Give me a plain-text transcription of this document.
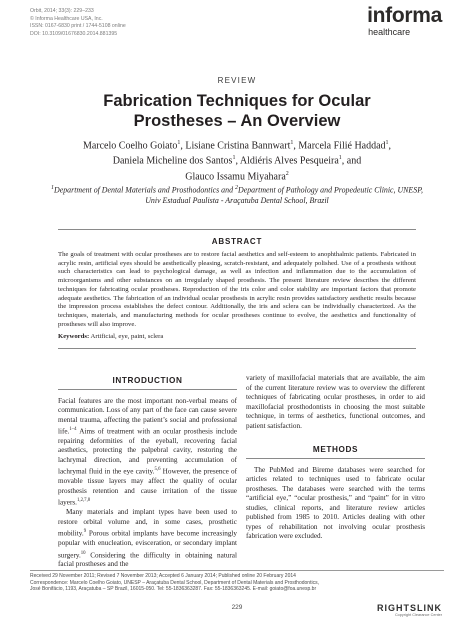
Orbit, 2014; 33(3): 229–233
© Informa Healthcare USA, Inc.
ISSN: 0167-6830 print / 1744-5108 online
DOI: 10.3109/01676830.2014.881395
informa
healthcare
REVIEW
Fabrication Techniques for Ocular
Prostheses – An Overview
Marcelo Coelho Goiato$^1$, Lisiane Cristina Bannwart$^1$, Marcela Filié Haddad$^1$,
Daniela Micheline dos Santos$^1$, Aldiéris Alves Pesqueira$^1$, and
Glauco Issamu Miyahara$^2$
$^1$Department of Dental Materials and Prosthodontics and $^2$Department of Pathology and Propedeutic Clinic, UNESP, Univ Estadual Paulista - Araçatuba Dental School, Brazil
ABSTRACT
The goals of treatment with ocular prostheses are to restore facial aesthetics and self-esteem to anophthalmic patients. Fabricated in acrylic resin, artificial eyes should be aesthetically pleasing, scratch-resistant, and adequately polished. Use of a prosthesis without such characteristics can lead to psychological damage, as well as infection and inflammation due to the accumulation of microorganisms and other substances on an irregularly shaped prosthesis. The present literature review describes the different techniques for fabricating ocular prostheses. Reproduction of the iris color and color stability are important factors that promote adequate aesthetics. The fabrication of an individual ocular prosthesis in acrylic resin provides satisfactory aesthetic results because the impression process establishes the defect contour. Additionally, the iris and sclera can be individually characterized. As the techniques, materials, and manufacturing methods for ocular prostheses continue to evolve, the aesthetics and functionality of prostheses will also improve.
Keywords: Artificial, eye, paint, sclera
INTRODUCTION

Facial features are the most important non-verbal means of communication. Loss of any part of the face can cause severe mental trauma, affecting the patient’s social and professional life.$^{1-4}$ Aims of treatment with an ocular prosthesis include repairing deformities of the eyeball, recovering facial aesthetics, protecting the palpebral cavity, restoring the lachrymal direction, and preventing accumulation of lachrymal fluid in the eye cavity.$^{5,6}$ However, the presence of movable tissue layers may affect the quality of ocular prosthesis retention and cause irritation of the tissue layers.$^{1,2,7,8}$

Many materials and implant types have been used to restore orbital volume and, in some cases, prosthetic mobility.$^9$ Porous orbital implants have become increasingly popular with enucleation, evisceration, or secondary implant surgery.$^{10}$ Considering the difficulty in obtaining natural facial prostheses and the

variety of maxillofacial materials that are available, the aim of the current literature review was to overview the different techniques of fabricating ocular prostheses, in order to aid maxillofacial prosthodontists in choosing the most suitable technique, in terms of aesthetics, functional outcomes, and patient satisfaction.

METHODS

The PubMed and Bireme databases were searched for articles related to techniques used to fabricate ocular prostheses. The databases were searched with the terms “artificial eye,” “ocular prosthesis,” and “paint” for in vitro studies, clinical reports, and literature review articles published from 1985 to 2010. Articles dealing with other types of rehabilitation not involving ocular prosthesis fabrication were excluded.

Received 29 November 2011; Revised 7 November 2013; Accepted 6 January 2014; Published online 20 February 2014
Correspondence: Marcelo Coelho Goiato, UNESP – Araçatuba Dental School, Department of Dental Materials and Prosthodontics,
José Bonifácio, 1193, Araçatuba – SP Brazil, 16015-050. Tel: 55-1836363287. Fax: 55-1836363245. E-mail: goiato@foa.unesp.br
229	RIGHTSLINK
Copyright Clearance Center
